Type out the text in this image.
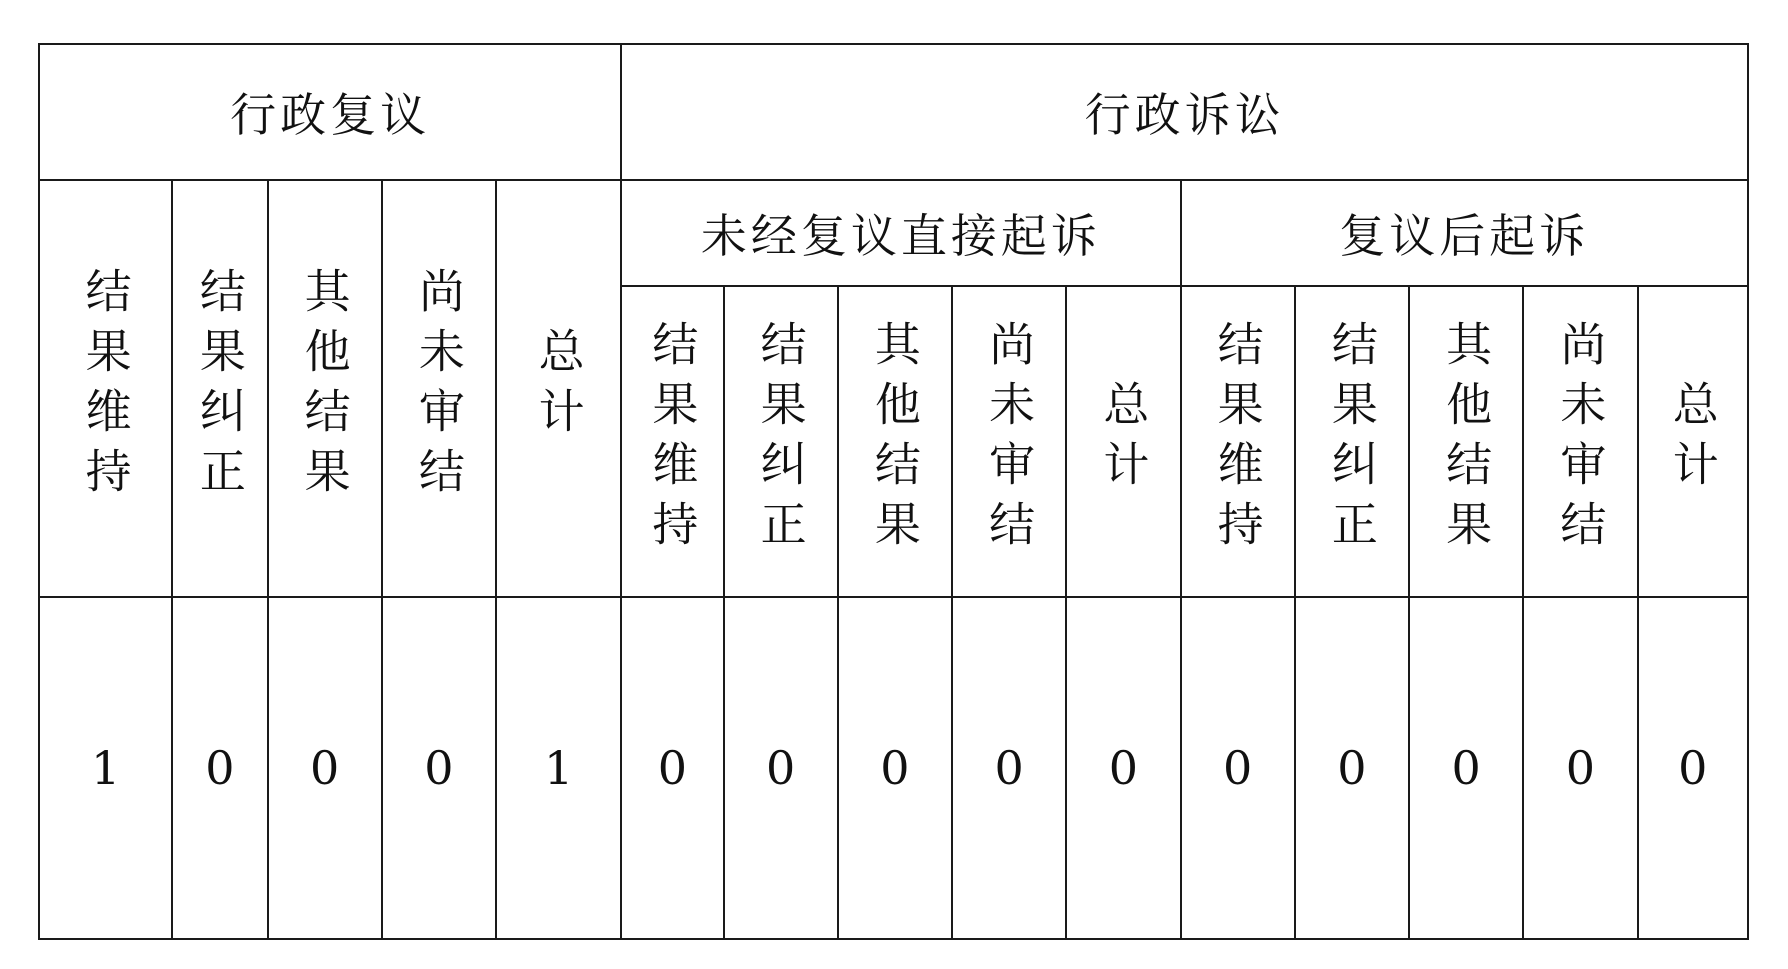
行政复议					行政诉讼									
结果维持	结果纠正	其他结果	尚未审结	总计	未经复议直接起诉					复议后起诉				
					结果维持	结果纠正	其他结果	尚未审结	总计	结果维持	结果纠正	其他结果	尚未审结	总计
1	0	0	0	1	0	0	0	0	0	0	0	0	0	0
